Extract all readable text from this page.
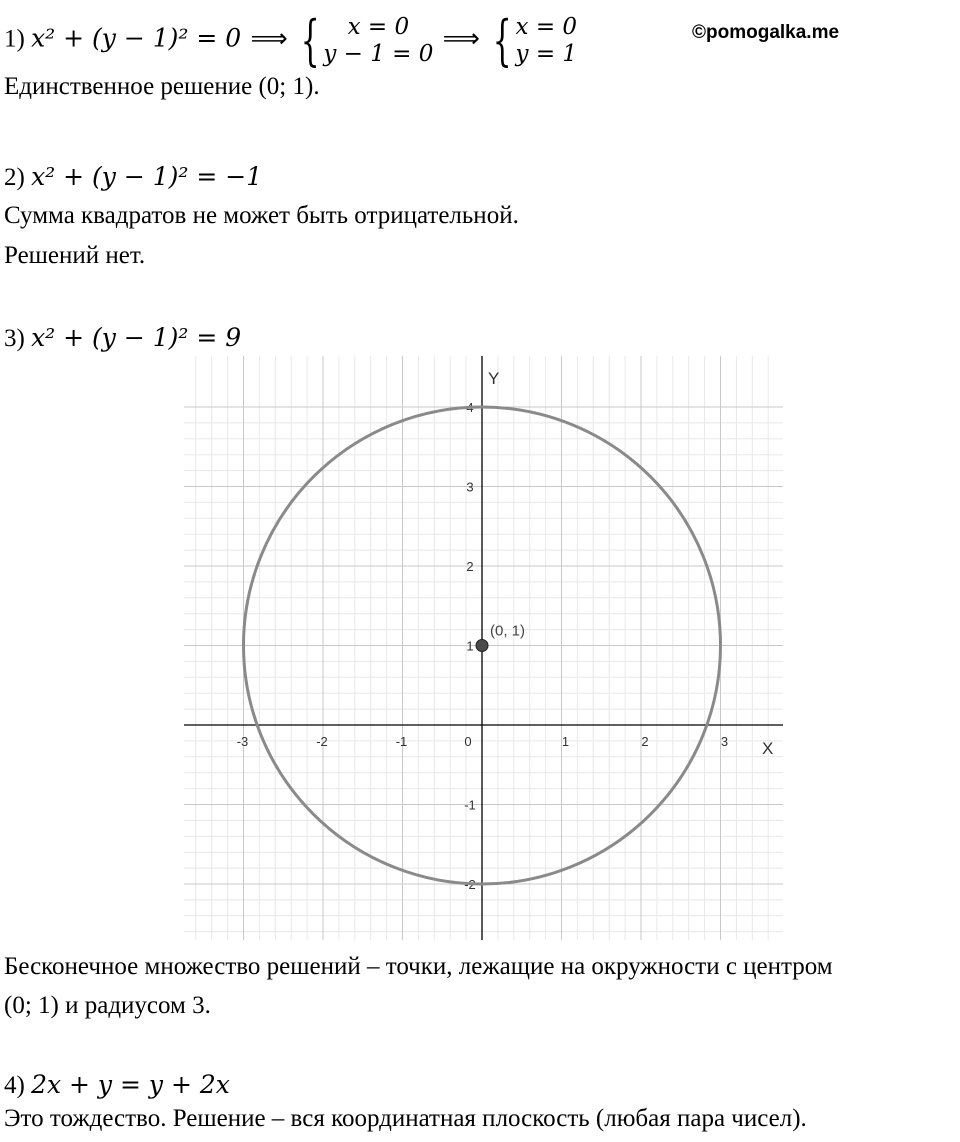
©pomogalka.me
1) x² + (y − 1)² = 0 ⟹ {	x = 0
y − 1 = 0
⟹ { x = 0
y = 1
Единственное решение (0; 1).
2) x² + (y − 1)² = −1
Сумма квадратов не может быть отрицательной.
Решений нет.
3) x² + (y − 1)² = 9
X
Y
-3	-2	-1	0	1	2	3
-2
-1
1
2
3
4
(0, 1)
Бесконечное множество решений – точки, лежащие на окружности с центром
(0; 1) и радиусом 3.
4) 2x + y = y + 2x
Это тождество. Решение – вся координатная плоскость (любая пара чисел).
